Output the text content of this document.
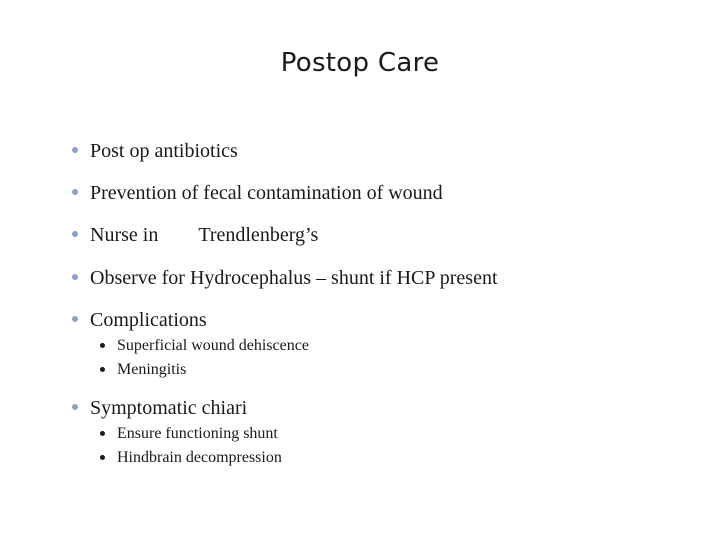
Postop Care
Post op antibiotics
Prevention of fecal contamination of wound
Nurse in Trendlenberg’s
Observe for Hydrocephalus – shunt if HCP present
Complications
Superficial wound dehiscence
Meningitis
Symptomatic chiari
Ensure functioning shunt
Hindbrain decompression
